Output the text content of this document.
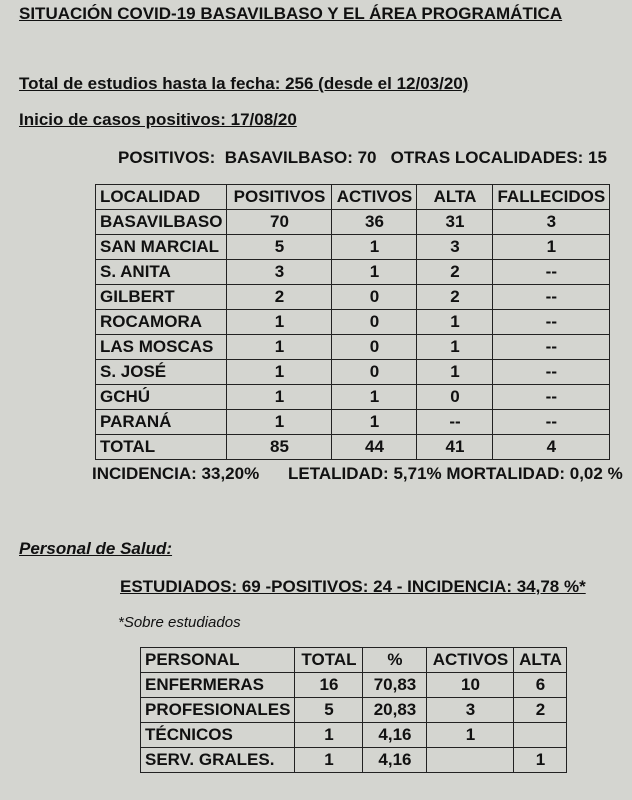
SITUACIÓN COVID-19 BASAVILBASO Y EL ÁREA PROGRAMÁTICA
Total de estudios hasta la fecha: 256 (desde el 12/03/20)
Inicio de casos positivos: 17/08/20
POSITIVOS:  BASAVILBASO: 70   OTRAS LOCALIDADES: 15
LOCALIDAD	POSITIVOS	ACTIVOS	ALTA	FALLECIDOS
BASAVILBASO	70	36	31	3
SAN MARCIAL	5	1	3	1
S. ANITA	3	1	2	--
GILBERT	2	0	2	--
ROCAMORA	1	0	1	--
LAS MOSCAS	1	0	1	--
S. JOSÉ	1	0	1	--
GCHÚ	1	1	0	--
PARANÁ	1	1	--	--
TOTAL	85	44	41	4
INCIDENCIA: 33,20% LETALIDAD: 5,71% MORTALIDAD: 0,02 %
Personal de Salud:
ESTUDIADOS: 69 -POSITIVOS: 24 - INCIDENCIA: 34,78 %*
*Sobre estudiados
PERSONAL	TOTAL	%	ACTIVOS	ALTA
ENFERMERAS	16	70,83	10	6
PROFESIONALES	5	20,83	3	2
TÉCNICOS	1	4,16	1	
SERV. GRALES.	1	4,16		1
